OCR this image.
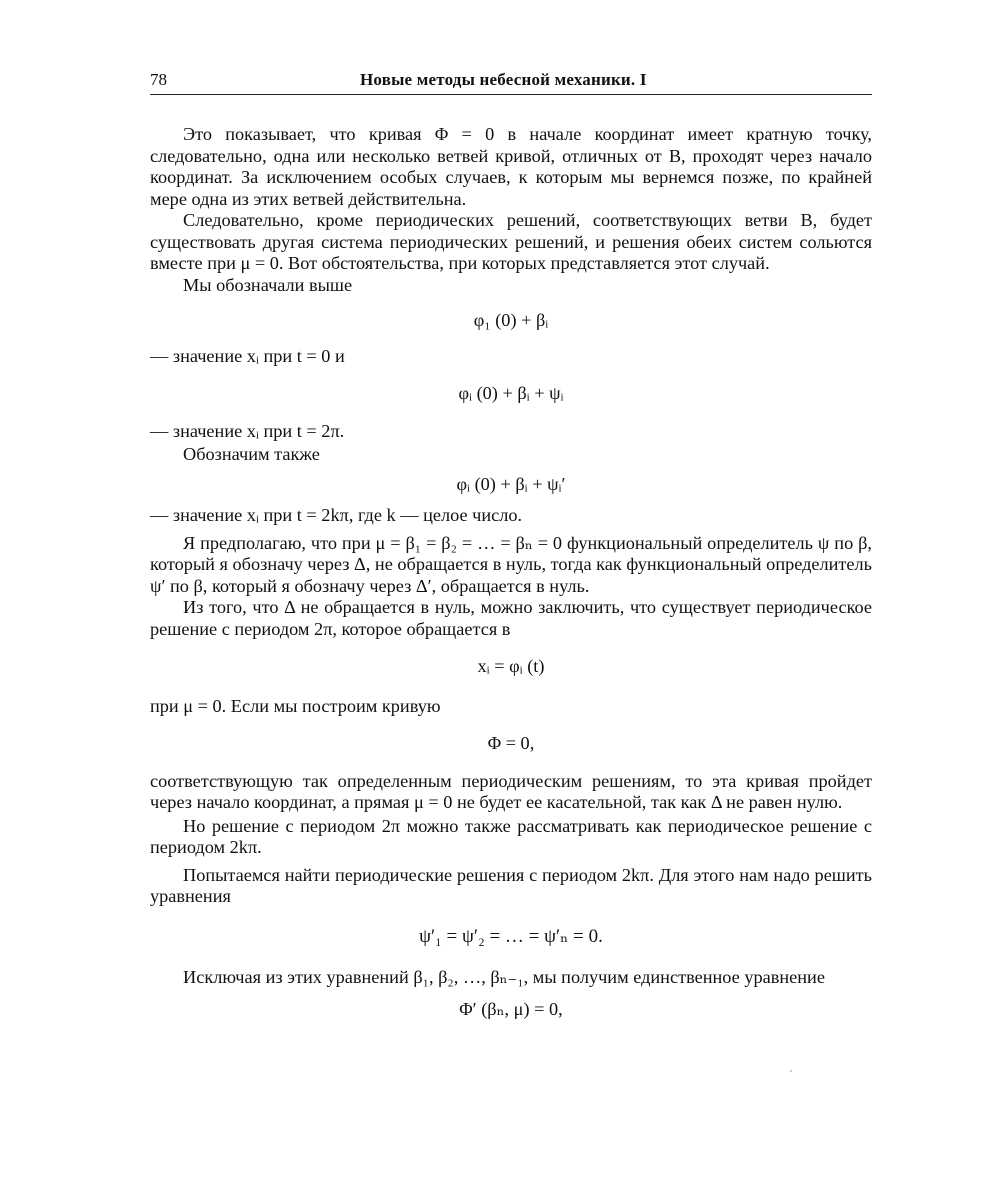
78	Новые методы небесной механики. I

Это показывает, что кривая Φ = 0 в начале координат имеет кратную точку, следовательно, одна или несколько ветвей кривой, отличных от B, проходят через начало координат. За исключением особых случаев, к которым мы вернемся позже, по крайней мере одна из этих ветвей действительна.

Следовательно, кроме периодических решений, соответствующих ветви B, будет существовать другая система периодических решений, и решения обеих систем сольются вместе при μ = 0. Вот обстоятельства, при которых представляется этот случай.

Мы обозначали выше

φ₁ (0) + βᵢ

— значение xᵢ при t = 0 и

φᵢ (0) + βᵢ + ψᵢ

— значение xᵢ при t = 2π.

Обозначим также

φᵢ (0) + βᵢ + ψᵢ′

— значение xᵢ при t = 2kπ, где k — целое число.

Я предполагаю, что при μ = β₁ = β₂ = … = βₙ = 0 функциональный определитель ψ по β, который я обозначу через Δ, не обращается в нуль, тогда как функциональный определитель ψ′ по β, который я обозначу через Δ′, обращается в нуль.

Из того, что Δ не обращается в нуль, можно заключить, что существует периодическое решение с периодом 2π, которое обращается в

xᵢ = φᵢ (t)

при μ = 0. Если мы построим кривую

Φ = 0,

соответствующую так определенным периодическим решениям, то эта кривая пройдет через начало координат, а прямая μ = 0 не будет ее касательной, так как Δ не равен нулю.

Но решение с периодом 2π можно также рассматривать как периодическое решение с периодом 2kπ.

Попытаемся найти периодические решения с периодом 2kπ. Для этого нам надо решить уравнения

ψ′₁ = ψ′₂ = … = ψ′ₙ = 0.

Исключая из этих уравнений β₁, β₂, …, βₙ₋₁, мы получим единственное уравнение

Φ′ (βₙ, μ) = 0,
